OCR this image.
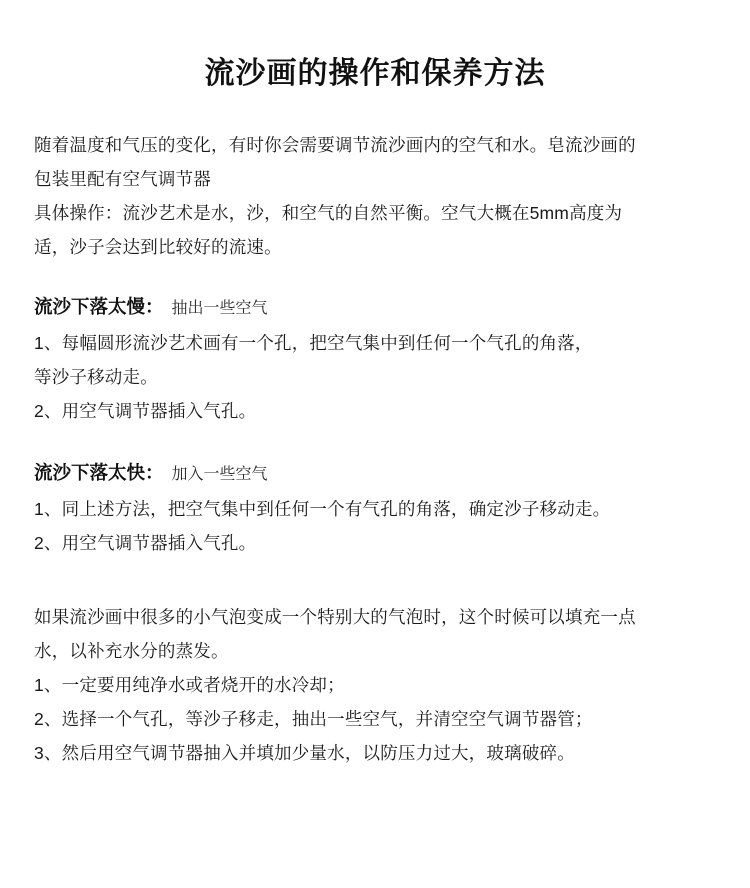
流沙画的操作和保养方法

随着温度和气压的变化，有时你会需要调节流沙画内的空气和水。皂流沙画的

包装里配有空气调节器

具体操作：流沙艺术是水，沙，和空气的自然平衡。空气大概在5mm高度为

适，沙子会达到比较好的流速。

流沙下落太慢： 抽出一些空气

1、每幅圆形流沙艺术画有一个孔，把空气集中到任何一个气孔的角落，

等沙子移动走。

2、用空气调节器插入气孔。

流沙下落太快： 加入一些空气

1、同上述方法，把空气集中到任何一个有气孔的角落，确定沙子移动走。

2、用空气调节器插入气孔。

如果流沙画中很多的小气泡变成一个特别大的气泡时，这个时候可以填充一点

水，以补充水分的蒸发。

1、一定要用纯净水或者烧开的水冷却；

2、选择一个气孔，等沙子移走，抽出一些空气，并清空空气调节器管；

3、然后用空气调节器抽入并填加少量水，以防压力过大，玻璃破碎。
